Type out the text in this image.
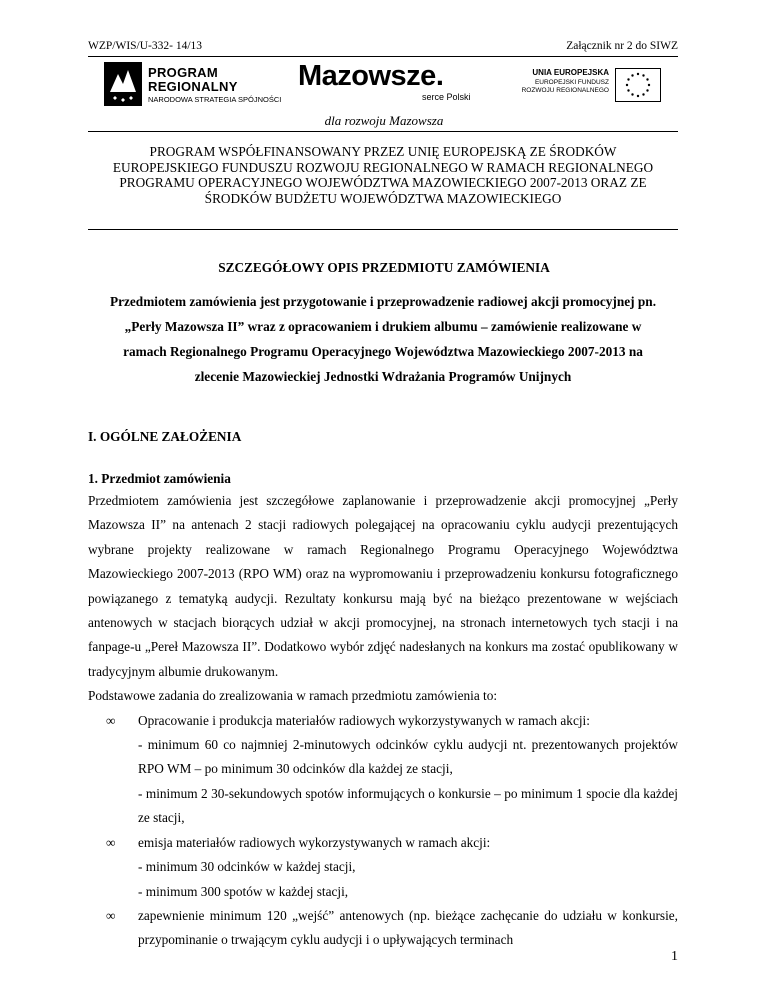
WZP/WIS/U-332- 14/13	Załącznik nr 2 do SIWZ
PROGRAM
REGIONALNY
NARODOWA STRATEGIA SPÓJNOŚCI
Mazowsze.
serce Polski
UNIA EUROPEJSKA
EUROPEJSKI FUNDUSZ
ROZWOJU REGIONALNEGO
dla rozwoju Mazowsza
PROGRAM WSPÓŁFINANSOWANY PRZEZ UNIĘ EUROPEJSKĄ ZE ŚRODKÓW
EUROPEJSKIEGO FUNDUSZU ROZWOJU REGIONALNEGO W RAMACH REGIONALNEGO
PROGRAMU OPERACYJNEGO WOJEWÓDZTWA MAZOWIECKIEGO 2007-2013 ORAZ ZE
ŚRODKÓW BUDŻETU WOJEWÓDZTWA MAZOWIECKIEGO
SZCZEGÓŁOWY OPIS PRZEDMIOTU ZAMÓWIENIA
Przedmiotem zamówienia jest przygotowanie i przeprowadzenie radiowej akcji promocyjnej pn.
„Perły Mazowsza II” wraz z opracowaniem i drukiem albumu – zamówienie realizowane w
ramach Regionalnego Programu Operacyjnego Województwa Mazowieckiego 2007-2013 na
zlecenie Mazowieckiej Jednostki Wdrażania Programów Unijnych
I. OGÓLNE ZAŁOŻENIA
1. Przedmiot zamówienia

Przedmiotem zamówienia jest szczegółowe zaplanowanie i przeprowadzenie akcji promocyjnej „Perły Mazowsza II” na antenach 2 stacji radiowych polegającej na opracowaniu cyklu audycji prezentujących wybrane projekty realizowane w ramach Regionalnego Programu Operacyjnego Województwa Mazowieckiego 2007-2013 (RPO WM) oraz na wypromowaniu i przeprowadzeniu konkursu fotograficznego powiązanego z tematyką audycji. Rezultaty konkursu mają być na bieżąco prezentowane w wejściach antenowych w stacjach biorących udział w akcji promocyjnej, na stronach internetowych tych stacji i na fanpage-u „Pereł Mazowsza II”. Dodatkowo wybór zdjęć nadesłanych na konkurs ma zostać opublikowany w tradycyjnym albumie drukowanym.

Podstawowe zadania do zrealizowania w ramach przedmiotu zamówienia to:

∞ Opracowanie i produkcja materiałów radiowych wykorzystywanych w ramach akcji:

- minimum 60 co najmniej 2-minutowych odcinków cyklu audycji nt. prezentowanych projektów RPO WM – po minimum 30 odcinków dla każdej ze stacji,

- minimum 2 30-sekundowych spotów informujących o konkursie – po minimum 1 spocie dla każdej ze stacji,

∞ emisja materiałów radiowych wykorzystywanych w ramach akcji:

- minimum 30 odcinków w każdej stacji,

- minimum 300 spotów w każdej stacji,

∞ zapewnienie minimum 120 „wejść” antenowych (np. bieżące zachęcanie do udziału w konkursie, przypominanie o trwającym cyklu audycji i o upływających terminach

1
